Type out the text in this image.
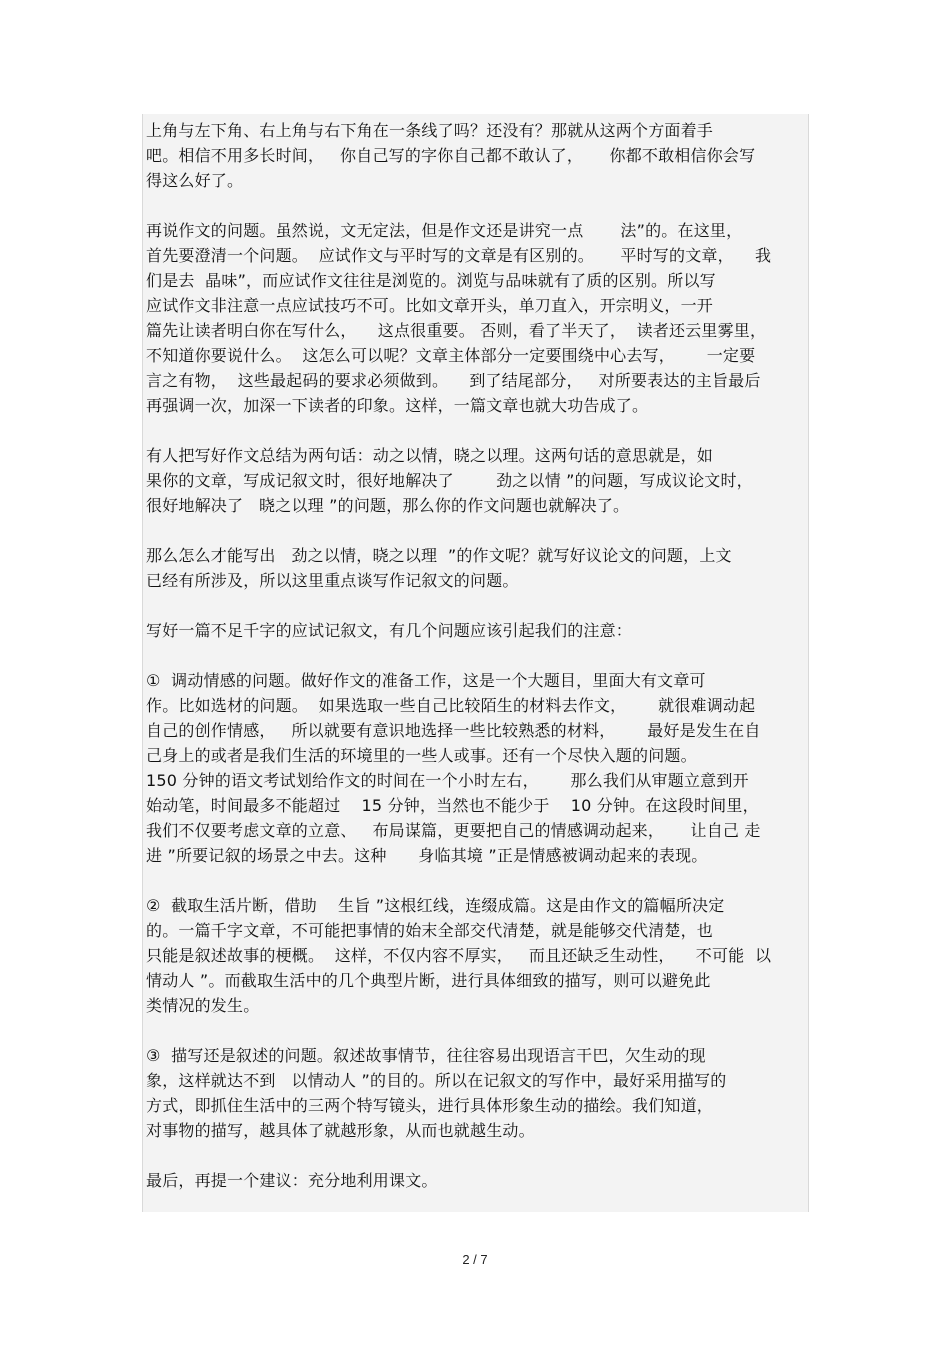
上角与左下角、右上角与右下角在一条线了吗？还没有？那就从这两个方面着手
吧。相信不用多长时间，   你自己写的字你自己都不敢认了，     你都不敢相信你会写
得这么好了。
再说作文的问题。虽然说，文无定法，但是作文还是讲究一点       法”的。在这里，
首先要澄清一个问题。  应试作文与平时写的文章是有区别的。     平时写的文章，    我
们是去  晶味”，而应试作文往往是浏览的。浏览与品味就有了质的区别。所以写
应试作文非注意一点应试技巧不可。比如文章开头，单刀直入，开宗明义，一开
篇先让读者明白你在写什么，    这点很重要。 否则，看了半天了，  读者还云里雾里，
不知道你要说什么。  这怎么可以呢？文章主体部分一定要围绕中心去写，      一定要
言之有物，  这些最起码的要求必须做到。    到了结尾部分，   对所要表达的主旨最后
再强调一次，加深一下读者的印象。这样，一篇文章也就大功告成了。
有人把写好作文总结为两句话：动之以情，晓之以理。这两句话的意思就是，如
果你的文章，写成记叙文时，很好地解决了        劲之以情 ”的问题，写成议论文时，
很好地解决了   晓之以理 ”的问题，那么你的作文问题也就解决了。
那么怎么才能写出   劲之以情，晓之以理  ”的作文呢？就写好议论文的问题，上文
已经有所涉及，所以这里重点谈写作记叙文的问题。
写好一篇不足千字的应试记叙文，有几个问题应该引起我们的注意：
①  调动情感的问题。做好作文的准备工作，这是一个大题目，里面大有文章可
作。比如选材的问题。  如果选取一些自己比较陌生的材料去作文，      就很难调动起
自己的创作情感，   所以就要有意识地选择一些比较熟悉的材料，      最好是发生在自
己身上的或者是我们生活的环境里的一些人或事。还有一个尽快入题的问题。
150 分钟的语文考试划给作文的时间在一个小时左右，      那么我们从审题立意到开
始动笔，时间最多不能超过    15 分钟，当然也不能少于    10 分钟。在这段时间里，
我们不仅要考虑文章的立意、   布局谋篇，更要把自己的情感调动起来，     让自己 走
进 ”所要记叙的场景之中去。这种      身临其境 ”正是情感被调动起来的表现。
②  截取生活片断，借助    生旨 ”这根红线，连缀成篇。这是由作文的篇幅所决定
的。一篇千字文章，不可能把事情的始末全部交代清楚，就是能够交代清楚，也
只能是叙述故事的梗概。  这样，不仅内容不厚实，   而且还缺乏生动性，    不可能  以
情动人 ”。而截取生活中的几个典型片断，进行具体细致的描写，则可以避免此
类情况的发生。
③  描写还是叙述的问题。叙述故事情节，往往容易出现语言干巴，欠生动的现
象，这样就达不到   以情动人 ”的目的。所以在记叙文的写作中，最好采用描写的
方式，即抓住生活中的三两个特写镜头，进行具体形象生动的描绘。我们知道，
对事物的描写，越具体了就越形象，从而也就越生动。
最后，再提一个建议：充分地利用课文。
2 / 7
